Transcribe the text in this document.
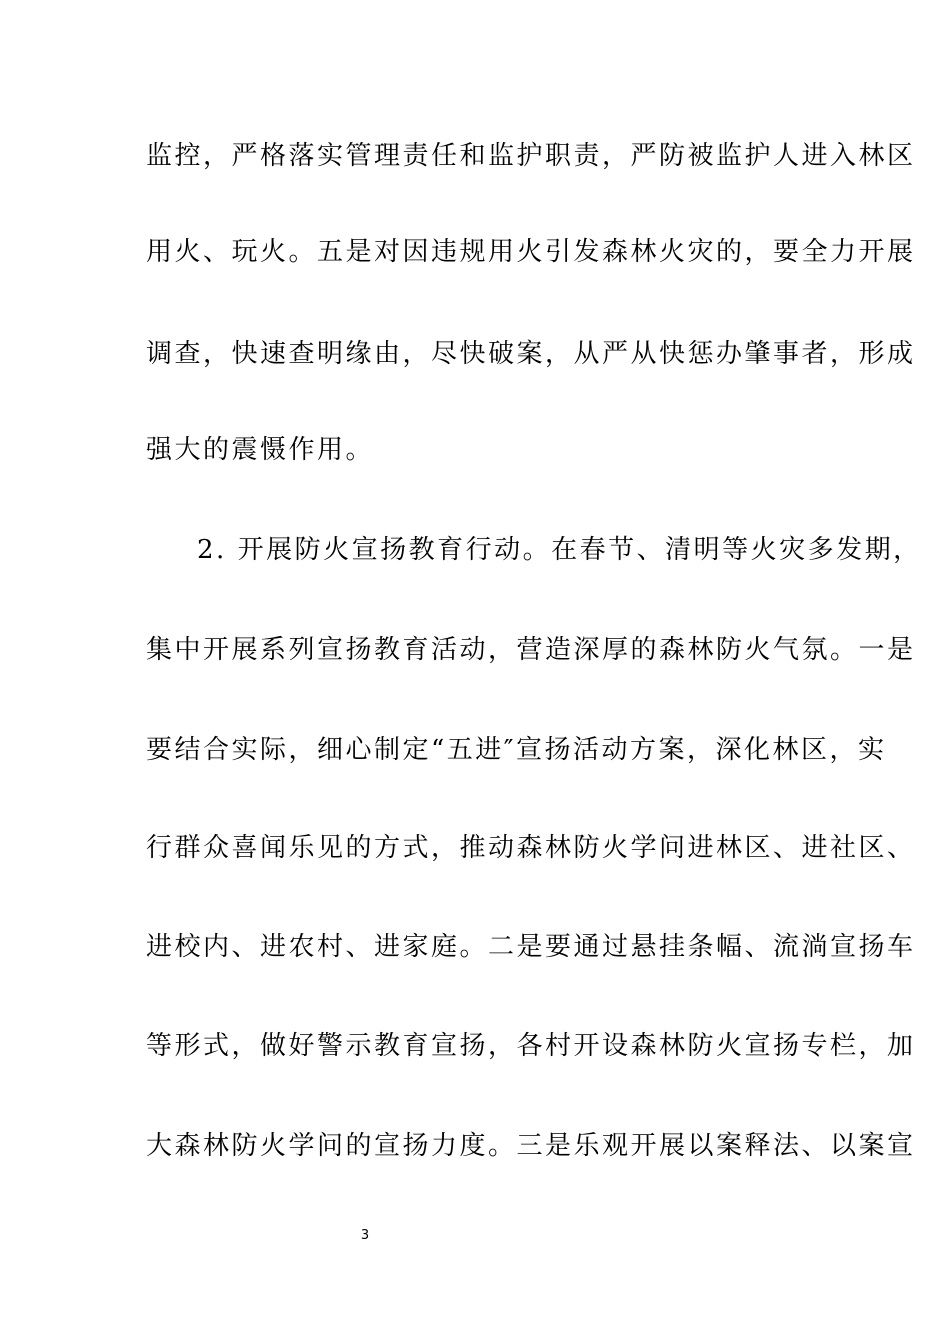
监控，严格落实管理责任和监护职责，严防被监护人进入林区
用火、玩火。五是对因违规用火引发森林火灾的，要全力开展
调查，快速查明缘由，尽快破案，从严从快惩办肇事者，形成
强大的震慑作用。
2. 开展防火宣扬教育行动。在春节、清明等火灾多发期，
集中开展系列宣扬教育活动，营造深厚的森林防火气氛。一是
要结合实际，细心制定“五进″宣扬活动方案，深化林区，实
行群众喜闻乐见的方式，推动森林防火学问进林区、进社区、
进校内、进农村、进家庭。二是要通过悬挂条幅、流淌宣扬车
等形式，做好警示教育宣扬，各村开设森林防火宣扬专栏，加
大森林防火学问的宣扬力度。三是乐观开展以案释法、以案宣
3
